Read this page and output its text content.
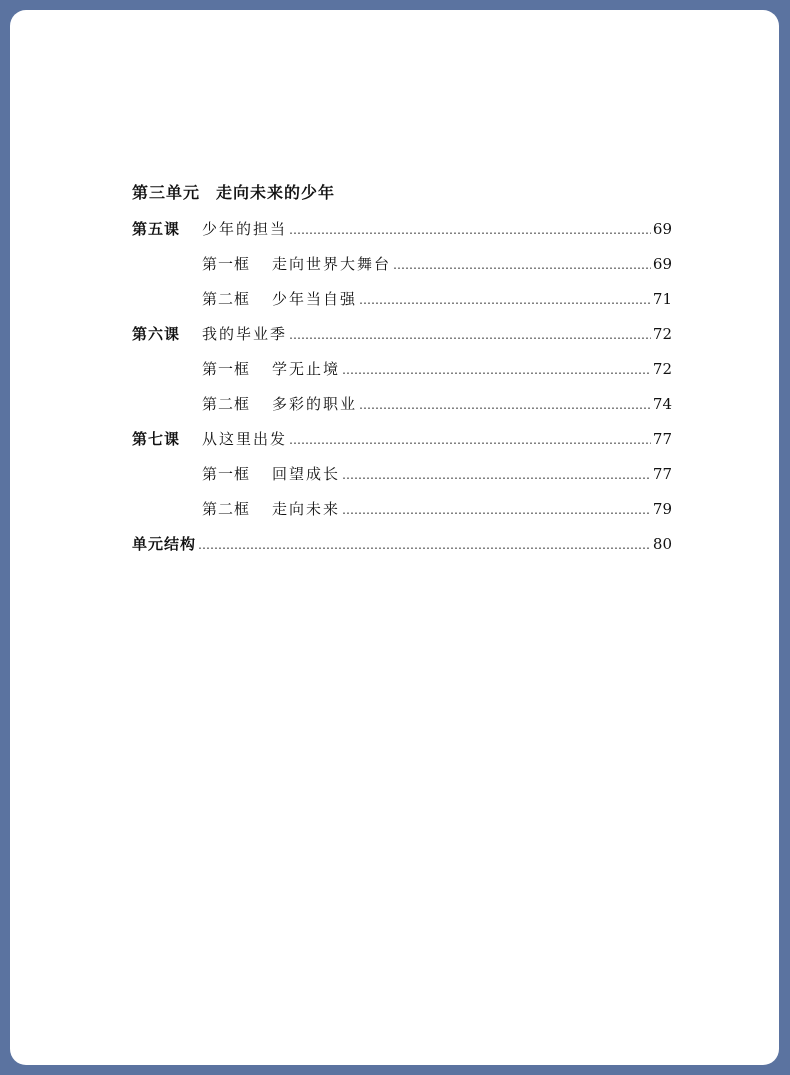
第三单元 走向未来的少年
第五课	少年的担当 …………………………………………………………………………………………………………………………………………………………………………	69
第一框	走向世界大舞台 …………………………………………………………………………………………………………………………………………………………………………	69
第二框	少年当自强 …………………………………………………………………………………………………………………………………………………………………………	71
第六课	我的毕业季 …………………………………………………………………………………………………………………………………………………………………………	72
第一框	学无止境 …………………………………………………………………………………………………………………………………………………………………………	72
第二框	多彩的职业 …………………………………………………………………………………………………………………………………………………………………………	74
第七课	从这里出发 …………………………………………………………………………………………………………………………………………………………………………	77
第一框	回望成长 …………………………………………………………………………………………………………………………………………………………………………	77
第二框	走向未来 …………………………………………………………………………………………………………………………………………………………………………	79
单元结构 …………………………………………………………………………………………………………………………………………………………………………	80
